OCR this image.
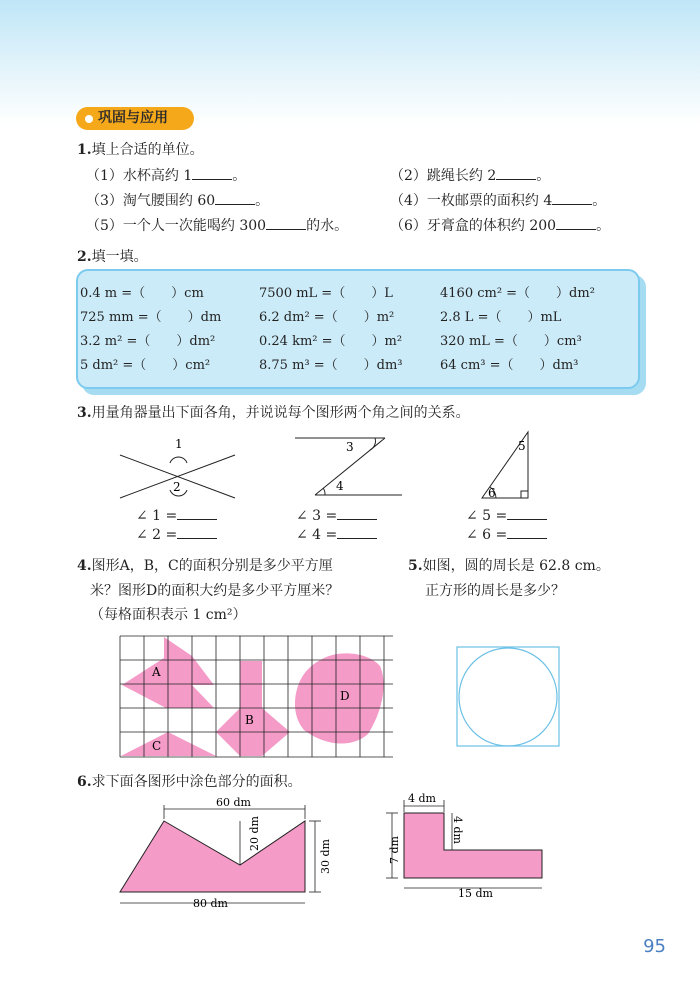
巩固与应用
1.填上合适的单位。
（1）水杯高约 1	。	（2）跳绳长约 2	。
（3）淘气腰围约 60	。	（4）一枚邮票的面积约 4	。
（5）一个人一次能喝约 300	的水。	（6）牙膏盒的体积约 200	。
2.填一填。
0.4 m =（　　）cm	7500 mL =（　　）L	4160 cm² =（　　）dm²
725 mm =（　　）dm	6.2 dm² =（　　）m²	2.8 L =（　　）mL
3.2 m² =（　　）dm²	0.24 km² =（　　）m²	320 mL =（　　）cm³
5 dm² =（　　）cm²	8.75 m³ =（　　）dm³	64 cm³ =（　　）dm³
3.用量角器量出下面各角，并说说每个图形两个角之间的关系。
1
2
3
4
5
6
∠ 1 =
∠ 2 =
∠ 3 =
∠ 4 =
∠ 5 =
∠ 6 =
4.图形A，B，C的面积分别是多少平方厘
米？图形D的面积大约是多少平方厘米？
（每格面积表示 1 cm²）
5.如图，圆的周长是 62.8 cm。
正方形的周长是多少？
A
B
C
D
6.求下面各图形中涂色部分的面积。
60 dm
20 dm
30 dm
80 dm
4 dm
4 dm
7 dm
15 dm
95
